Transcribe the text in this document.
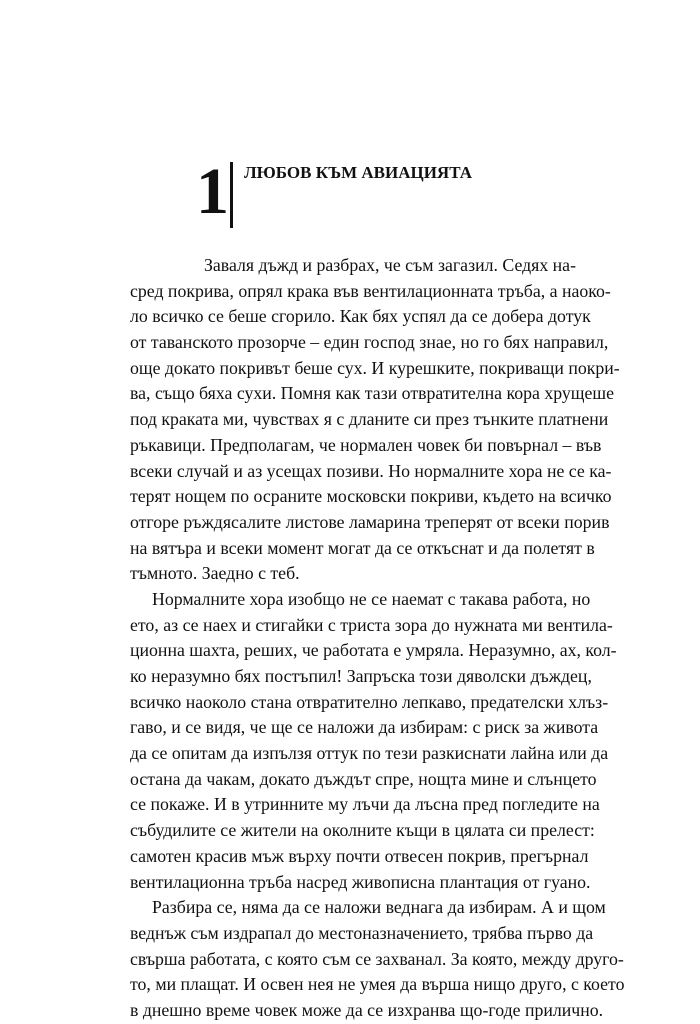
1 ЛЮБОВ КЪМ АВИАЦИЯТА
Заваля дъжд и разбрах, че съм загазил. Седях на-
сред покрива, опрял крака във вентилационната тръба, а наоко-
ло всичко се беше сгорило. Как бях успял да се добера дотук
от таванското прозорче – един господ знае, но го бях направил,
още докато покривът беше сух. И курешките, покриващи покри-
ва, също бяха сухи. Помня как тази отвратителна кора хрущеше
под краката ми, чувствах я с дланите си през тънките платнени
ръкавици. Предполагам, че нормален човек би повърнал – във
всеки случай и аз усещах позиви. Но нормалните хора не се ка-
терят нощем по осраните московски покриви, където на всичко
отгоре ръждясалите листове ламарина треперят от всеки порив
на вятъра и всеки момент могат да се откъснат и да полетят в
тъмното. Заедно с теб.
Нормалните хора изобщо не се наемат с такава работа, но
ето, аз се наех и стигайки с триста зора до нужната ми вентила-
ционна шахта, реших, че работата е умряла. Неразумно, ах, кол-
ко неразумно бях постъпил! Запръска този дяволски дъждец,
всичко наоколо стана отвратително лепкаво, предателски хлъз-
гаво, и се видя, че ще се наложи да избирам: с риск за живота
да се опитам да изпълзя оттук по тези разкиснати лайна или да
остана да чакам, докато дъждът спре, нощта мине и слънцето
се покаже. И в утринните му лъчи да лъсна пред погледите на
събудилите се жители на околните къщи в цялата си прелест:
самотен красив мъж върху почти отвесен покрив, прегърнал
вентилационна тръба насред живописна плантация от гуано.
Разбира се, няма да се наложи веднага да избирам. А и щом
веднъж съм издрапал до местоназначението, трябва първо да
свърша работата, с която съм се захванал. За която, между друго-
то, ми плащат. И освен нея не умея да върша нищо друго, с което
в днешно време човек може да се изхранва що-годе прилично.
